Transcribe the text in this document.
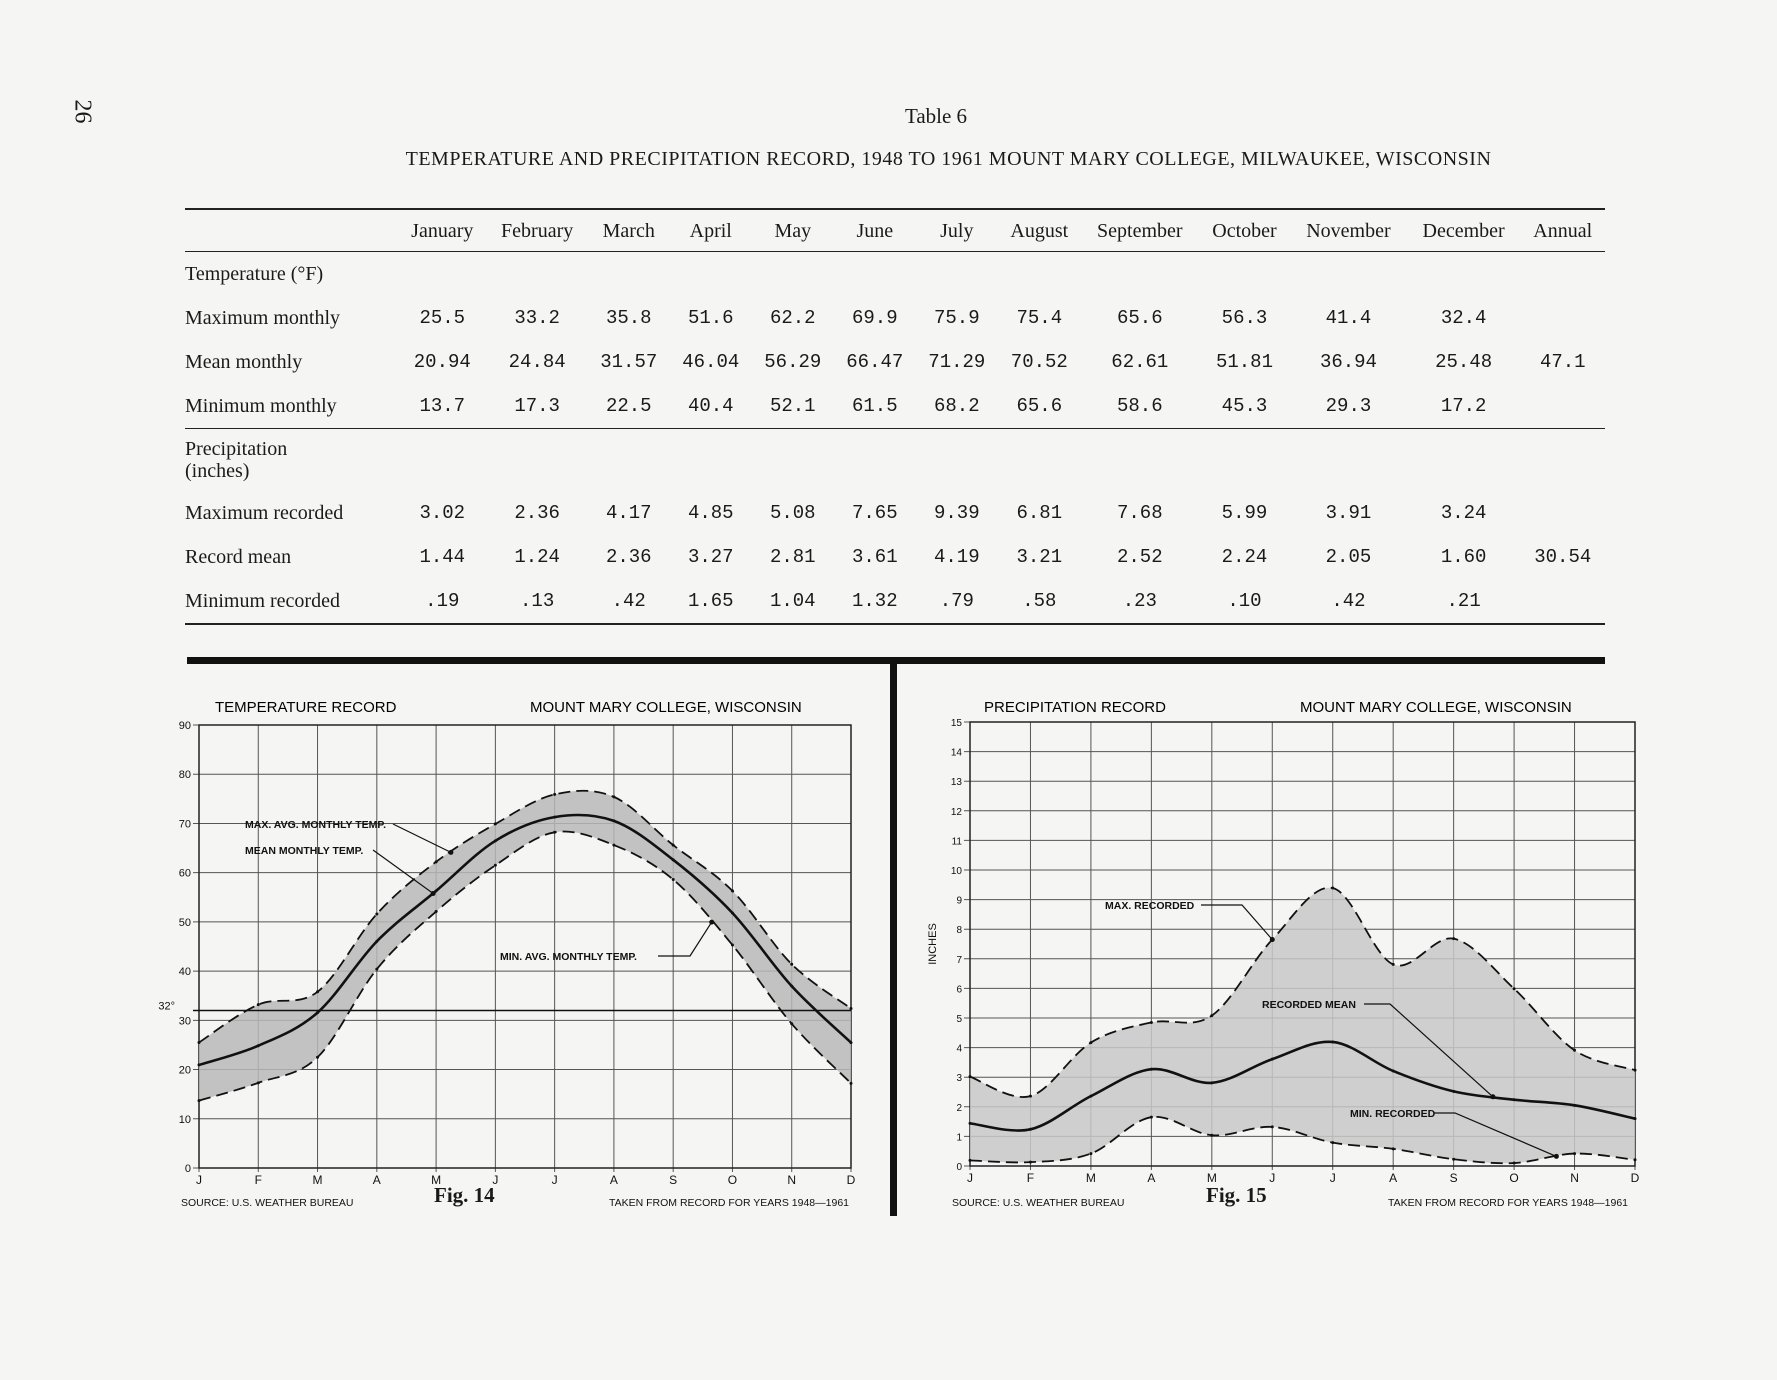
26	Table 6
TEMPERATURE AND PRECIPITATION RECORD, 1948 TO 1961 MOUNT MARY COLLEGE, MILWAUKEE, WISCONSIN
	January	February	March	April	May	June	July	August	September	October	November	December	Annual
Temperature (°F)													
Maximum monthly	25.5	33.2	35.8	51.6	62.2	69.9	75.9	75.4	65.6	56.3	41.4	32.4	
Mean monthly	20.94	24.84	31.57	46.04	56.29	66.47	71.29	70.52	62.61	51.81	36.94	25.48	47.1
Minimum monthly	13.7	17.3	22.5	40.4	52.1	61.5	68.2	65.6	58.6	45.3	29.3	17.2	

Precipitation
(inches)													

Maximum recorded	3.02	2.36	4.17	4.85	5.08	7.65	9.39	6.81	7.68	5.99	3.91	3.24	
Record mean	1.44	1.24	2.36	3.27	2.81	3.61	4.19	3.21	2.52	2.24	2.05	1.60	30.54
Minimum recorded	.19	.13	.42	1.65	1.04	1.32	.79	.58	.23	.10	.42	.21	
TEMPERATURE RECORD	MOUNT MARY COLLEGE, WISCONSIN
0
10
20
30
40
50
60
70
80
90
J	F	M	A	M	J	J	A	S	O	N	D
MAX. AVG. MONTHLY TEMP.
MEAN MONTHLY TEMP.
MIN. AVG. MONTHLY TEMP.
32°
SOURCE: U.S. WEATHER BUREAU	TAKEN FROM RECORD FOR YEARS 1948—1961
Fig. 14
PRECIPITATION RECORD	MOUNT MARY COLLEGE, WISCONSIN
0
1
2
3
4
5
6
7
8
9
10
11
12
13
14
15
J	F	M	A	M	J	J	A	S	O	N	D
MAX. RECORDED
RECORDED MEAN
MIN. RECORDED
INCHES
SOURCE: U.S. WEATHER BUREAU	TAKEN FROM RECORD FOR YEARS 1948—1961
Fig. 15
